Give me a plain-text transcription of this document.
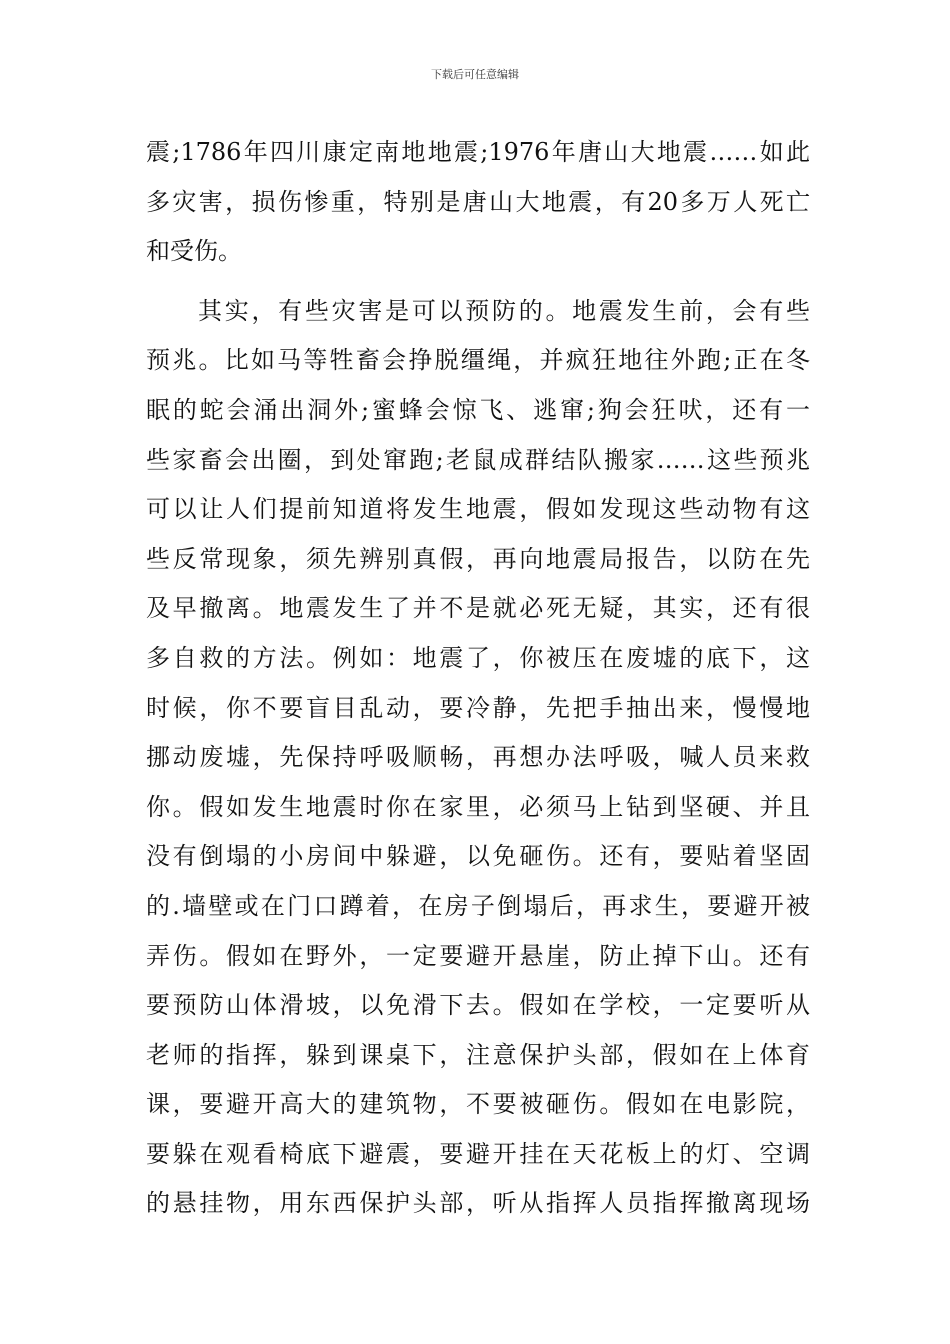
下载后可任意编辑
震;1786年四川康定南地地震;1976年唐山大地震……如此
多灾害，损伤惨重，特别是唐山大地震，有20多万人死亡
和受伤。
其实，有些灾害是可以预防的。地震发生前，会有些
预兆。比如马等牲畜会挣脱缰绳，并疯狂地往外跑;正在冬
眠的蛇会涌出洞外;蜜蜂会惊飞、逃窜;狗会狂吠，还有一
些家畜会出圈，到处窜跑;老鼠成群结队搬家……这些预兆
可以让人们提前知道将发生地震，假如发现这些动物有这
些反常现象，须先辨别真假，再向地震局报告，以防在先
及早撤离。地震发生了并不是就必死无疑，其实，还有很
多自救的方法。例如：地震了，你被压在废墟的底下，这
时候，你不要盲目乱动，要冷静，先把手抽出来，慢慢地
挪动废墟，先保持呼吸顺畅，再想办法呼吸，喊人员来救
你。假如发生地震时你在家里，必须马上钻到坚硬、并且
没有倒塌的小房间中躲避，以免砸伤。还有，要贴着坚固
的.墙壁或在门口蹲着，在房子倒塌后，再求生，要避开被
弄伤。假如在野外，一定要避开悬崖，防止掉下山。还有
要预防山体滑坡，以免滑下去。假如在学校，一定要听从
老师的指挥，躲到课桌下，注意保护头部，假如在上体育
课，要避开高大的建筑物，不要被砸伤。假如在电影院，
要躲在观看椅底下避震，要避开挂在天花板上的灯、空调
的悬挂物，用东西保护头部，听从指挥人员指挥撤离现场
